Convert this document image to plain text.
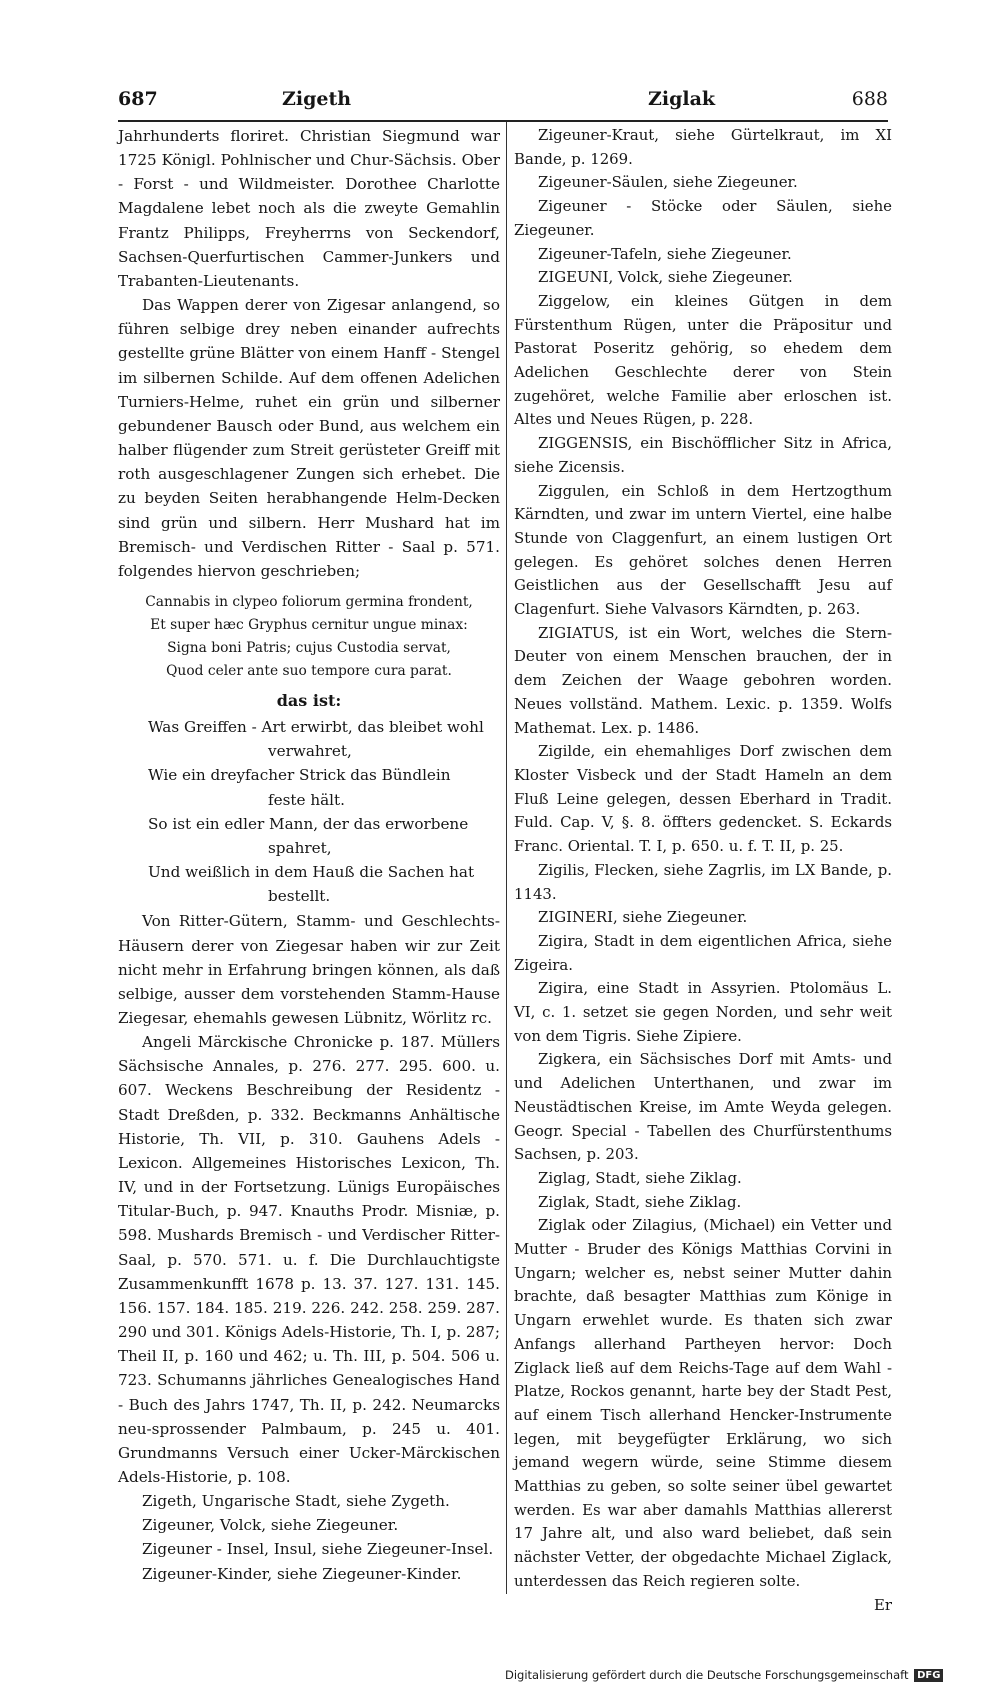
687	Zigeth	Ziglak	688

Jahrhunderts floriret. Christian Siegmund war 1725 Königl. Pohlnischer und Chur-Sächsis. Ober - Forst - und Wildmeister. Dorothee Charlotte Magdalene lebet noch als die zweyte Gemahlin Frantz Philipps, Freyherrns von Seckendorf, Sachsen-Querfurtischen Cammer-Junkers und Trabanten-Lieutenants.

Das Wappen derer von Zigesar anlangend, so führen selbige drey neben einander aufrechts gestellte grüne Blätter von einem Hanff - Stengel im silbernen Schilde. Auf dem offenen Adelichen Turniers-Helme, ruhet ein grün und silberner gebundener Bausch oder Bund, aus welchem ein halber flügender zum Streit gerüsteter Greiff mit roth ausgeschlagener Zungen sich erhebet. Die zu beyden Seiten herabhangende Helm-Decken sind grün und silbern. Herr Mushard hat im Bremisch- und Verdischen Ritter - Saal p. 571. folgendes hiervon geschrieben;

Cannabis in clypeo foliorum germina frondent,
Et super hæc Gryphus cernitur ungue minax:
Signa boni Patris; cujus Custodia servat,
Quod celer ante suo tempore cura parat.
das ist:
Was Greiffen - Art erwirbt, das bleibet wohl
verwahret,
Wie ein dreyfacher Strick das Bündlein
feste hält.
So ist ein edler Mann, der das erworbene
spahret,
Und weißlich in dem Hauß die Sachen hat
bestellt.

Von Ritter-Gütern, Stamm- und Geschlechts-Häusern derer von Ziegesar haben wir zur Zeit nicht mehr in Erfahrung bringen können, als daß selbige, ausser dem vorstehenden Stamm-Hause Ziegesar, ehemahls gewesen Lübnitz, Wörlitz rc.

Angeli Märckische Chronicke p. 187. Müllers Sächsische Annales, p. 276. 277. 295. 600. u. 607. Weckens Beschreibung der Residentz - Stadt Dreßden, p. 332. Beckmanns Anhältische Historie, Th. VII, p. 310. Gauhens Adels - Lexicon. Allgemeines Historisches Lexicon, Th. IV, und in der Fortsetzung. Lünigs Europäisches Titular-Buch, p. 947. Knauths Prodr. Misniæ, p. 598. Mushards Bremisch - und Verdischer Ritter-Saal, p. 570. 571. u. f. Die Durchlauchtigste Zusammenkunfft 1678 p. 13. 37. 127. 131. 145. 156. 157. 184. 185. 219. 226. 242. 258. 259. 287. 290 und 301. Königs Adels-Historie, Th. I, p. 287; Theil II, p. 160 und 462; u. Th. III, p. 504. 506 u. 723. Schumanns jährliches Genealogisches Hand - Buch des Jahrs 1747, Th. II, p. 242. Neumarcks neu-sprossender Palmbaum, p. 245 u. 401. Grundmanns Versuch einer Ucker-Märckischen Adels-Historie, p. 108.

Zigeth, Ungarische Stadt, siehe Zygeth.

Zigeuner, Volck, siehe Ziegeuner.

Zigeuner - Insel, Insul, siehe Ziegeuner-Insel.

Zigeuner-Kinder, siehe Ziegeuner-Kinder.

Zigeuner-Kraut, siehe Gürtelkraut, im XI Bande, p. 1269.

Zigeuner-Säulen, siehe Ziegeuner.

Zigeuner - Stöcke oder Säulen, siehe Ziegeuner.

Zigeuner-Tafeln, siehe Ziegeuner.

ZIGEUNI, Volck, siehe Ziegeuner.

Ziggelow, ein kleines Gütgen in dem Fürstenthum Rügen, unter die Präpositur und Pastorat Poseritz gehörig, so ehedem dem Adelichen Geschlechte derer von Stein zugehöret, welche Familie aber erloschen ist. Altes und Neues Rügen, p. 228.

ZIGGENSIS, ein Bischöfflicher Sitz in Africa, siehe Zicensis.

Ziggulen, ein Schloß in dem Hertzogthum Kärndten, und zwar im untern Viertel, eine halbe Stunde von Claggenfurt, an einem lustigen Ort gelegen. Es gehöret solches denen Herren Geistlichen aus der Gesellschafft Jesu auf Clagenfurt. Siehe Valvasors Kärndten, p. 263.

ZIGIATUS, ist ein Wort, welches die Stern-Deuter von einem Menschen brauchen, der in dem Zeichen der Waage gebohren worden. Neues vollständ. Mathem. Lexic. p. 1359. Wolfs Mathemat. Lex. p. 1486.

Zigilde, ein ehemahliges Dorf zwischen dem Kloster Visbeck und der Stadt Hameln an dem Fluß Leine gelegen, dessen Eberhard in Tradit. Fuld. Cap. V, §. 8. öffters gedencket. S. Eckards Franc. Oriental. T. I, p. 650. u. f. T. II, p. 25.

Zigilis, Flecken, siehe Zagrlis, im LX Bande, p. 1143.

ZIGINERI, siehe Ziegeuner.

Zigira, Stadt in dem eigentlichen Africa, siehe Zigeira.

Zigira, eine Stadt in Assyrien. Ptolomäus L. VI, c. 1. setzet sie gegen Norden, und sehr weit von dem Tigris. Siehe Zipiere.

Zigkera, ein Sächsisches Dorf mit Amts- und und Adelichen Unterthanen, und zwar im Neustädtischen Kreise, im Amte Weyda gelegen. Geogr. Special - Tabellen des Churfürstenthums Sachsen, p. 203.

Ziglag, Stadt, siehe Ziklag.

Ziglak, Stadt, siehe Ziklag.

Ziglak oder Zilagius, (Michael) ein Vetter und Mutter - Bruder des Königs Matthias Corvini in Ungarn; welcher es, nebst seiner Mutter dahin brachte, daß besagter Matthias zum Könige in Ungarn erwehlet wurde. Es thaten sich zwar Anfangs allerhand Partheyen hervor: Doch Ziglack ließ auf dem Reichs-Tage auf dem Wahl - Platze, Rockos genannt, harte bey der Stadt Pest, auf einem Tisch allerhand Hencker-Instrumente legen, mit beygefügter Erklärung, wo sich jemand wegern würde, seine Stimme diesem Matthias zu geben, so solte seiner übel gewartet werden. Es war aber damahls Matthias allererst 17 Jahre alt, und also ward beliebet, daß sein nächster Vetter, der obgedachte Michael Ziglack, unterdessen das Reich regieren solte.

Er

Digitalisierung gefördert durch die Deutsche Forschungsgemeinschaft DFG
